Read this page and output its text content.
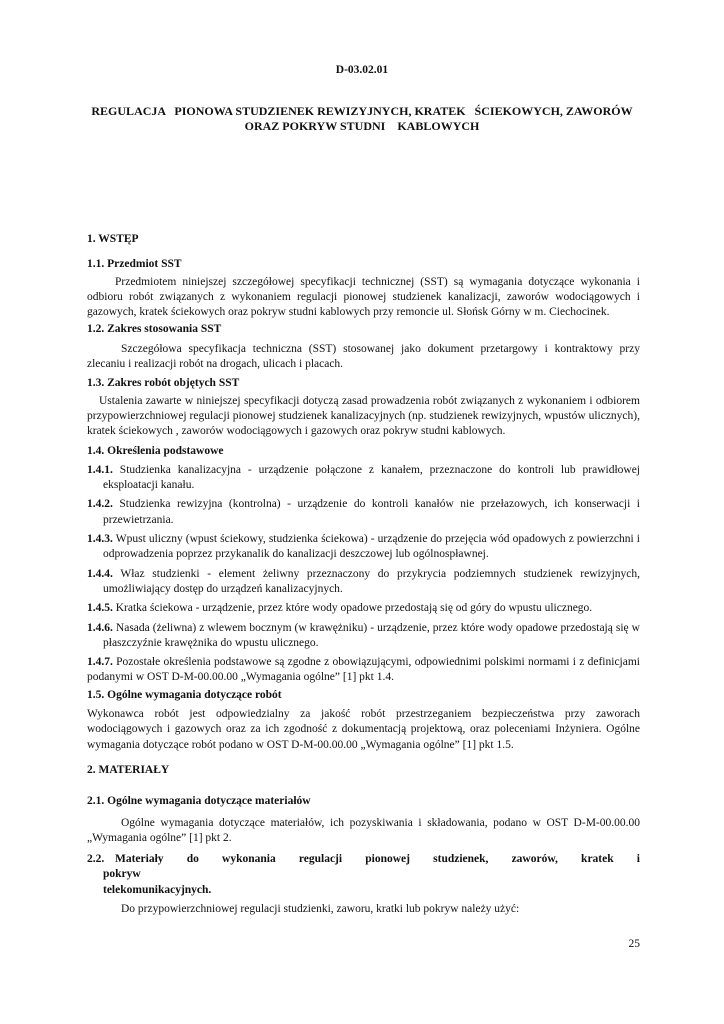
D-03.02.01
REGULACJA   PIONOWA STUDZIENEK REWIZYJNYCH, KRATEK   ŚCIEKOWYCH, ZAWORÓW
ORAZ POKRYW STUDNI    KABLOWYCH

1. WSTĘP

1.1. Przedmiot SST

Przedmiotem niniejszej szczegółowej specyfikacji technicznej (SST) są wymagania dotyczące wykonania i odbioru robót związanych z wykonaniem regulacji pionowej studzienek kanalizacji, zaworów wodociągowych i gazowych, kratek ściekowych oraz pokryw studni kablowych przy remoncie ul. Słońsk Górny w m. Ciechocinek.

1.2. Zakres stosowania SST

Szczegółowa specyfikacja techniczna (SST) stosowanej jako dokument przetargowy i kontraktowy przy zlecaniu i realizacji robót na drogach, ulicach i placach.

1.3. Zakres robót objętych SST

Ustalenia zawarte w niniejszej specyfikacji dotyczą zasad prowadzenia robót związanych z wykonaniem i odbiorem przypowierzchniowej regulacji pionowej studzienek kanalizacyjnych (np. studzienek rewizyjnych, wpustów ulicznych), kratek ściekowych , zaworów wodociągowych i gazowych oraz pokryw studni kablowych.

1.4. Określenia podstawowe

1.4.1. Studzienka kanalizacyjna - urządzenie połączone z kanałem, przeznaczone do kontroli lub prawidłowej eksploatacji kanału.

1.4.2. Studzienka rewizyjna (kontrolna) - urządzenie do kontroli kanałów nie przełazowych, ich konserwacji i przewietrzania.

1.4.3. Wpust uliczny (wpust ściekowy, studzienka ściekowa) - urządzenie do przejęcia wód opadowych z powierzchni i odprowadzenia poprzez przykanalik do kanalizacji deszczowej lub ogólnospławnej.

1.4.4. Właz studzienki - element żeliwny przeznaczony do przykrycia podziemnych studzienek rewizyjnych, umożliwiający dostęp do urządzeń kanalizacyjnych.

1.4.5. Kratka ściekowa - urządzenie, przez które wody opadowe przedostają się od góry do wpustu ulicznego.

1.4.6. Nasada (żeliwna) z wlewem bocznym (w krawężniku) - urządzenie, przez które wody opadowe przedostają się w płaszczyźnie krawężnika do wpustu ulicznego.

1.4.7. Pozostałe określenia podstawowe są zgodne z obowiązującymi, odpowiednimi polskimi normami i z definicjami podanymi w OST D-M-00.00.00 „Wymagania ogólne” [1] pkt 1.4.

1.5. Ogólne wymagania dotyczące robót

Wykonawca robót jest odpowiedzialny za jakość robót przestrzeganiem bezpieczeństwa przy zaworach wodociągowych i gazowych oraz za ich zgodność z dokumentacją projektową, oraz poleceniami Inżyniera. Ogólne wymagania dotyczące robót podano w OST D-M-00.00.00 „Wymagania ogólne” [1] pkt 1.5.

2. MATERIAŁY

2.1. Ogólne wymagania dotyczące materiałów

Ogólne wymagania dotyczące materiałów, ich pozyskiwania i składowania, podano w OST D-M-00.00.00 „Wymagania ogólne” [1] pkt 2.

2.2. Materiały do wykonania regulacji pionowej studzienek, zaworów, kratek i
pokryw
telekomunikacyjnych.

Do przypowierzchniowej regulacji studzienki, zaworu, kratki lub pokryw należy użyć:

25
